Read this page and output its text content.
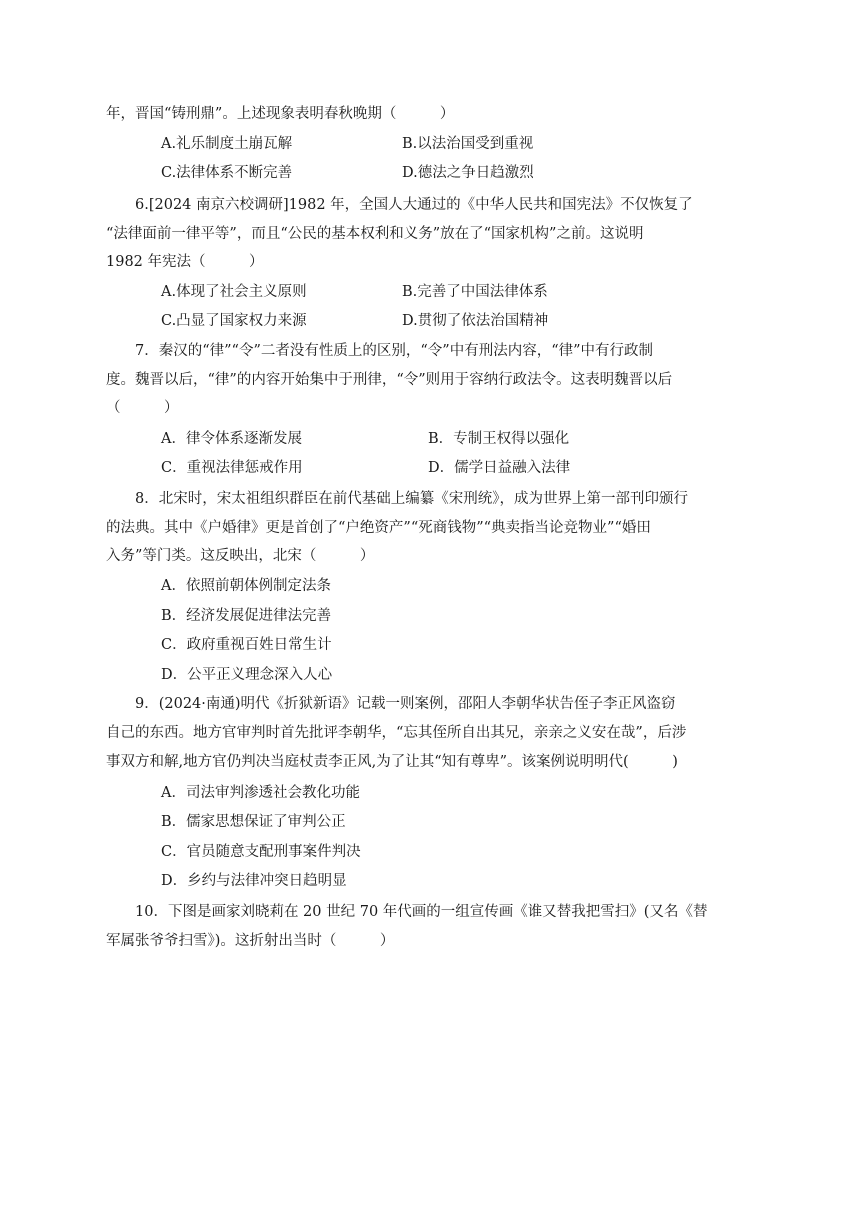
年，晋国“铸刑鼎”。上述现象表明春秋晚期（　　　）
A.礼乐制度土崩瓦解	B.以法治国受到重视
C.法律体系不断完善	D.德法之争日趋激烈
6.[2024 南京六校调研]1982 年，全国人大通过的《中华人民共和国宪法》不仅恢复了
“法律面前一律平等”，而且“公民的基本权利和义务”放在了“国家机构”之前。这说明
1982 年宪法（　　　）
A.体现了社会主义原则	B.完善了中国法律体系
C.凸显了国家权力来源	D.贯彻了依法治国精神
7．秦汉的“律”“令”二者没有性质上的区别，“令”中有刑法内容，“律”中有行政制
度。魏晋以后，“律”的内容开始集中于刑律，“令”则用于容纳行政法令。这表明魏晋以后
（　　　）
A．律令体系逐渐发展	B．专制王权得以强化
C．重视法律惩戒作用	D．儒学日益融入法律
8．北宋时，宋太祖组织群臣在前代基础上编纂《宋刑统》，成为世界上第一部刊印颁行
的法典。其中《户婚律》更是首创了“户绝资产”“死商钱物”“典卖指当论竞物业”“婚田
入务”等门类。这反映出，北宋（　　　）
A．依照前朝体例制定法条
B．经济发展促进律法完善
C．政府重视百姓日常生计
D．公平正义理念深入人心
9．(2024·南通)明代《折狱新语》记载一则案例，邵阳人李朝华状告侄子李正风盗窃
自己的东西。地方官审判时首先批评李朝华，“忘其侄所自出其兄，亲亲之义安在哉”，后涉
事双方和解,地方官仍判决当庭杖责李正风,为了让其“知有尊卑”。该案例说明明代(　　　)
A．司法审判渗透社会教化功能
B．儒家思想保证了审判公正
C．官员随意支配刑事案件判决
D．乡约与法律冲突日趋明显
10．下图是画家刘晓莉在 20 世纪 70 年代画的一组宣传画《谁又替我把雪扫》(又名《替
军属张爷爷扫雪》)。这折射出当时（　　　）
